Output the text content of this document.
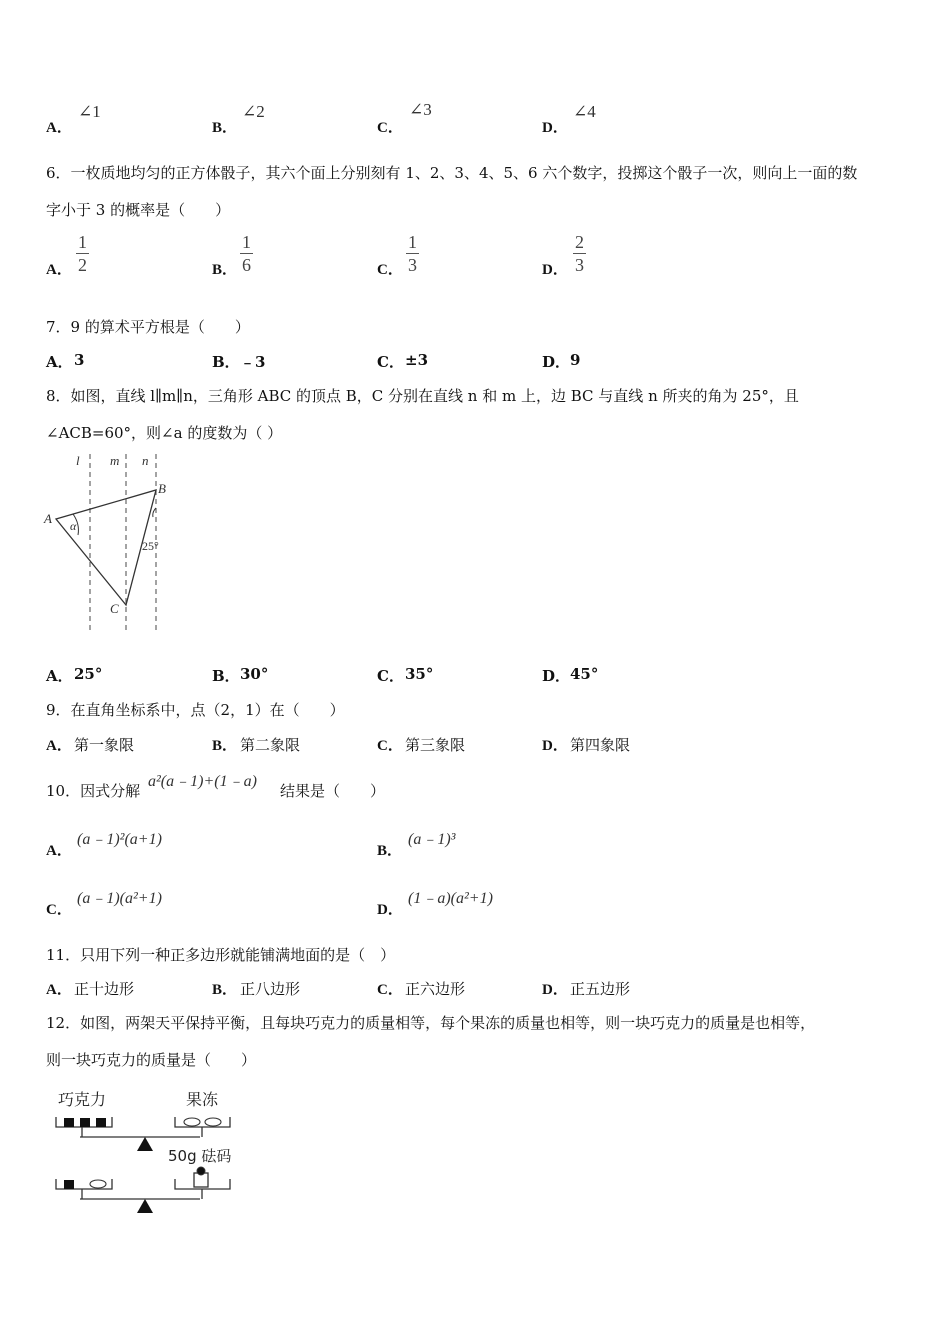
A．
∠1
B．
∠2
C．
∠3
D．
∠4
6．一枚质地均匀的正方体骰子，其六个面上分别刻有 1、2、3、4、5、6 六个数字，投掷这个骰子一次，则向上一面的数
字小于 3 的概率是（　　）
A． $\frac{1}{2}$	B． $\frac{1}{6}$	C． $\frac{1}{3}$	D． $\frac{2}{3}$
7．9 的算术平方根是（　　）
A． 3	B． ﹣3	C． ±3	D． 9
8．如图，直线 l∥m∥n，三角形 ABC 的顶点 B，C 分别在直线 n 和 m 上，边 BC 与直线 n 所夹的角为 25°，且
∠ACB=60°，则∠a 的度数为（ ）
l m n
A
B
C
α
25°
A． 25°	B． 30°	C． 35°	D． 45°
9．在直角坐标系中，点（2，1）在（　　）
A． 第一象限	B． 第二象限	C． 第三象限	D． 第四象限
10．因式分解
a²(a﹣1)+(1﹣a)
结果是（　　）
A．
(a﹣1)²(a+1)
B．
(a﹣1)³
C．
(a﹣1)(a²+1)
D．
(1﹣a)(a²+1)
11．只用下列一种正多边形就能铺满地面的是（　）
A． 正十边形	B． 正八边形	C． 正六边形	D． 正五边形
12．如图，两架天平保持平衡，且每块巧克力的质量相等，每个果冻的质量也相等，则一块巧克力的质量是也相等，
则一块巧克力的质量是（　　）
巧克力	果冻
50g 砝码
